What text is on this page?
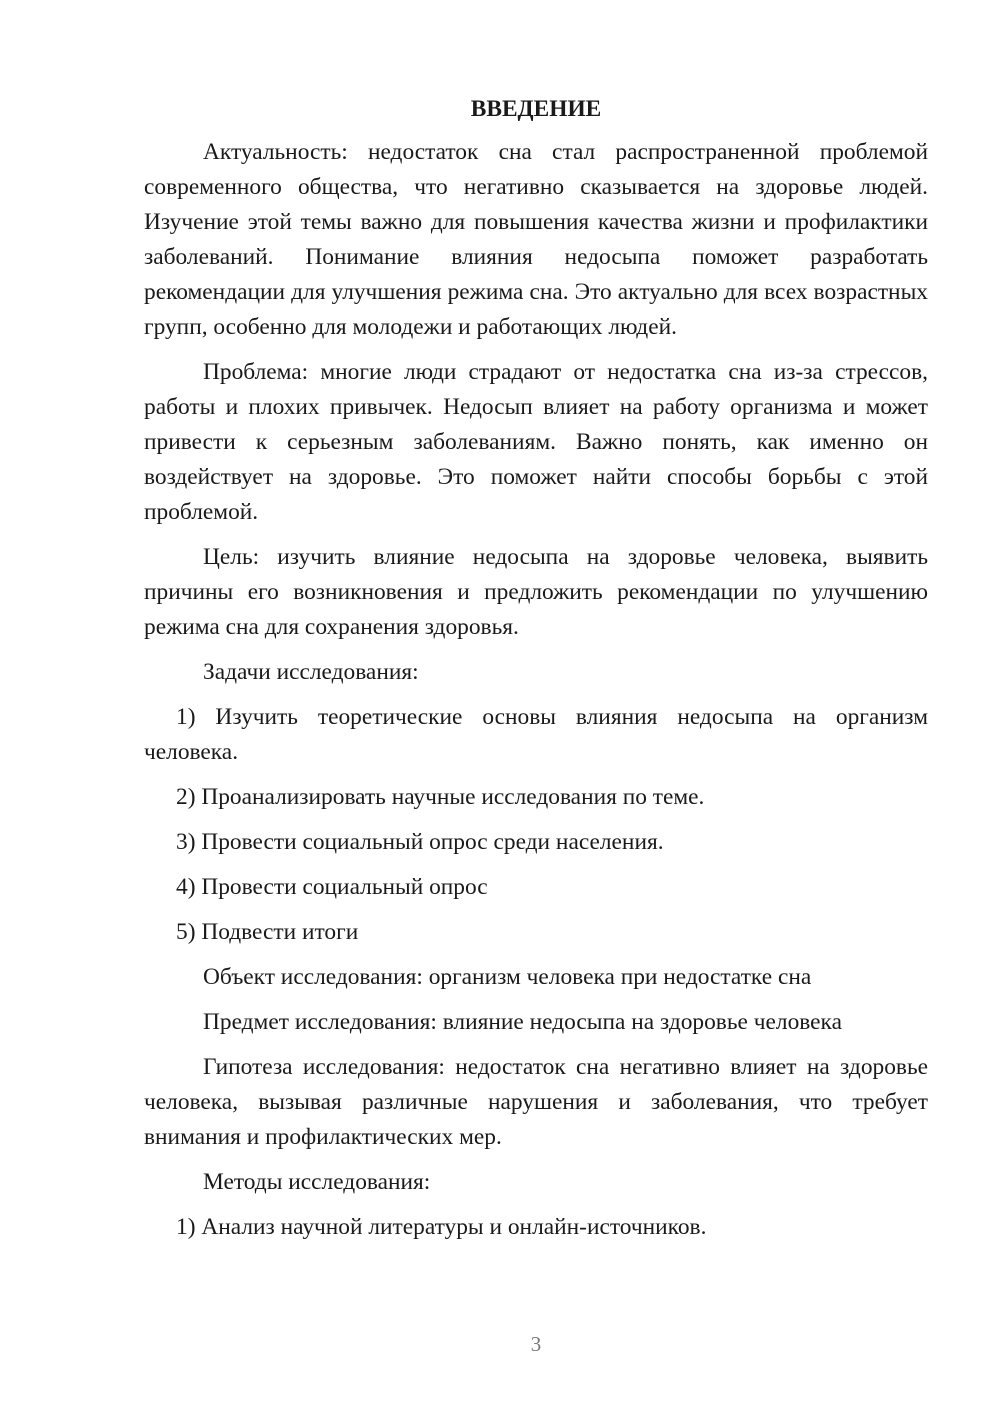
ВВЕДЕНИЕ

Актуальность: недостаток сна стал распространенной проблемой современного общества, что негативно сказывается на здоровье людей. Изучение этой темы важно для повышения качества жизни и профилактики заболеваний. Понимание влияния недосыпа поможет разработать рекомендации для улучшения режима сна. Это актуально для всех возрастных групп, особенно для молодежи и работающих людей.

Проблема: многие люди страдают от недостатка сна из-за стрессов, работы и плохих привычек. Недосып влияет на работу организма и может привести к серьезным заболеваниям. Важно понять, как именно он воздействует на здоровье. Это поможет найти способы борьбы с этой проблемой.

Цель: изучить влияние недосыпа на здоровье человека, выявить причины его возникновения и предложить рекомендации по улучшению режима сна для сохранения здоровья.

Задачи исследования:

1) Изучить теоретические основы влияния недосыпа на организм человека.

2) Проанализировать научные исследования по теме.

3) Провести социальный опрос среди населения.

4) Провести социальный опрос

5) Подвести итоги

Объект исследования: организм человека при недостатке сна

Предмет исследования: влияние недосыпа на здоровье человека

Гипотеза исследования: недостаток сна негативно влияет на здоровье человека, вызывая различные нарушения и заболевания, что требует внимания и профилактических мер.

Методы исследования:

1) Анализ научной литературы и онлайн-источников.

3
